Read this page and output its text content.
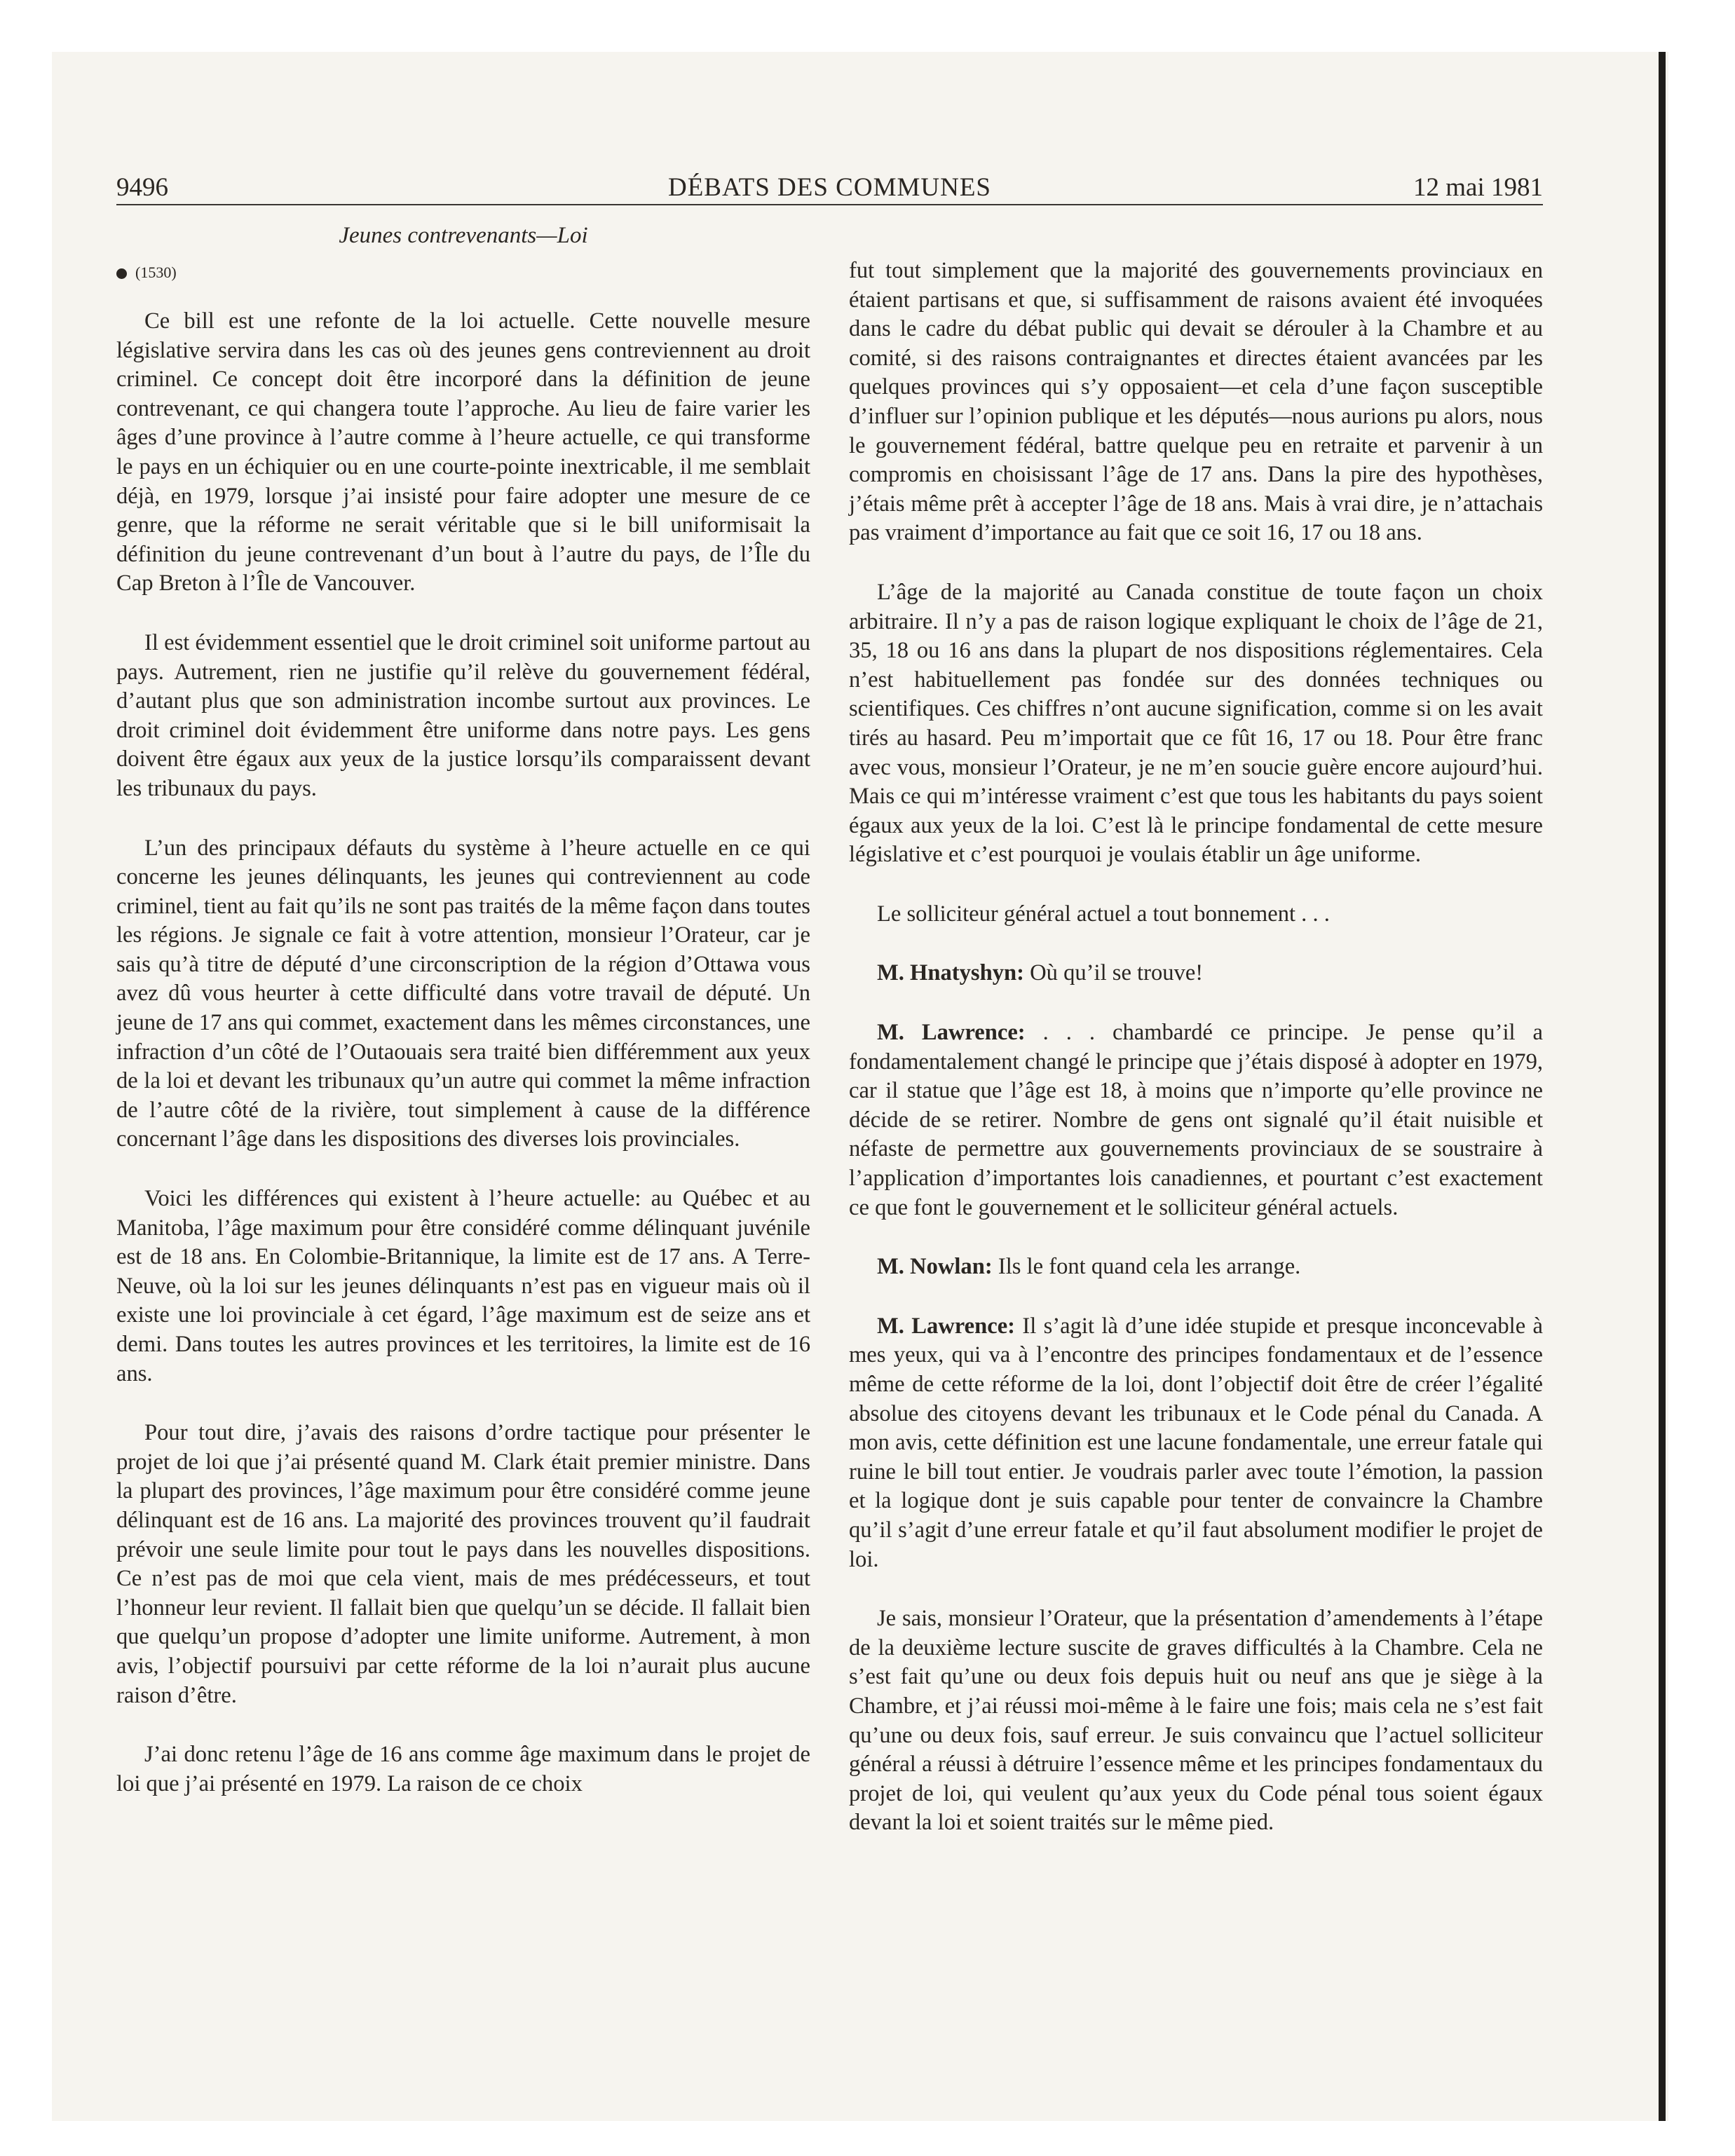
9496	DÉBATS DES COMMUNES	12 mai 1981
Jeunes contrevenants—Loi
(1530)

Ce bill est une refonte de la loi actuelle. Cette nouvelle mesure législative servira dans les cas où des jeunes gens contreviennent au droit criminel. Ce concept doit être incorporé dans la définition de jeune contrevenant, ce qui changera toute l’approche. Au lieu de faire varier les âges d’une province à l’autre comme à l’heure actuelle, ce qui transforme le pays en un échiquier ou en une courte-pointe inextricable, il me semblait déjà, en 1979, lorsque j’ai insisté pour faire adopter une mesure de ce genre, que la réforme ne serait véritable que si le bill uniformisait la définition du jeune contrevenant d’un bout à l’autre du pays, de l’Île du Cap Breton à l’Île de Vancouver.

Il est évidemment essentiel que le droit criminel soit uniforme partout au pays. Autrement, rien ne justifie qu’il relève du gouvernement fédéral, d’autant plus que son administration incombe surtout aux provinces. Le droit criminel doit évidemment être uniforme dans notre pays. Les gens doivent être égaux aux yeux de la justice lorsqu’ils comparaissent devant les tribunaux du pays.

L’un des principaux défauts du système à l’heure actuelle en ce qui concerne les jeunes délinquants, les jeunes qui contreviennent au code criminel, tient au fait qu’ils ne sont pas traités de la même façon dans toutes les régions. Je signale ce fait à votre attention, monsieur l’Orateur, car je sais qu’à titre de député d’une circonscription de la région d’Ottawa vous avez dû vous heurter à cette difficulté dans votre travail de député. Un jeune de 17 ans qui commet, exactement dans les mêmes circonstances, une infraction d’un côté de l’Outaouais sera traité bien différemment aux yeux de la loi et devant les tribunaux qu’un autre qui commet la même infraction de l’autre côté de la rivière, tout simplement à cause de la différence concernant l’âge dans les dispositions des diverses lois provinciales.

Voici les différences qui existent à l’heure actuelle: au Québec et au Manitoba, l’âge maximum pour être considéré comme délinquant juvénile est de 18 ans. En Colombie-Britannique, la limite est de 17 ans. A Terre-Neuve, où la loi sur les jeunes délinquants n’est pas en vigueur mais où il existe une loi provinciale à cet égard, l’âge maximum est de seize ans et demi. Dans toutes les autres provinces et les territoires, la limite est de 16 ans.

Pour tout dire, j’avais des raisons d’ordre tactique pour présenter le projet de loi que j’ai présenté quand M. Clark était premier ministre. Dans la plupart des provinces, l’âge maximum pour être considéré comme jeune délinquant est de 16 ans. La majorité des provinces trouvent qu’il faudrait prévoir une seule limite pour tout le pays dans les nouvelles dispositions. Ce n’est pas de moi que cela vient, mais de mes prédécesseurs, et tout l’honneur leur revient. Il fallait bien que quelqu’un se décide. Il fallait bien que quelqu’un propose d’adopter une limite uniforme. Autrement, à mon avis, l’objectif poursuivi par cette réforme de la loi n’aurait plus aucune raison d’être.

J’ai donc retenu l’âge de 16 ans comme âge maximum dans le projet de loi que j’ai présenté en 1979. La raison de ce choix

fut tout simplement que la majorité des gouvernements provinciaux en étaient partisans et que, si suffisamment de raisons avaient été invoquées dans le cadre du débat public qui devait se dérouler à la Chambre et au comité, si des raisons contraignantes et directes étaient avancées par les quelques provinces qui s’y opposaient—et cela d’une façon susceptible d’influer sur l’opinion publique et les députés—nous aurions pu alors, nous le gouvernement fédéral, battre quelque peu en retraite et parvenir à un compromis en choisissant l’âge de 17 ans. Dans la pire des hypothèses, j’étais même prêt à accepter l’âge de 18 ans. Mais à vrai dire, je n’attachais pas vraiment d’importance au fait que ce soit 16, 17 ou 18 ans.

L’âge de la majorité au Canada constitue de toute façon un choix arbitraire. Il n’y a pas de raison logique expliquant le choix de l’âge de 21, 35, 18 ou 16 ans dans la plupart de nos dispositions réglementaires. Cela n’est habituellement pas fondée sur des données techniques ou scientifiques. Ces chiffres n’ont aucune signification, comme si on les avait tirés au hasard. Peu m’importait que ce fût 16, 17 ou 18. Pour être franc avec vous, monsieur l’Orateur, je ne m’en soucie guère encore aujourd’hui. Mais ce qui m’intéresse vraiment c’est que tous les habitants du pays soient égaux aux yeux de la loi. C’est là le principe fondamental de cette mesure législative et c’est pourquoi je voulais établir un âge uniforme.

Le solliciteur général actuel a tout bonnement . . .

M. Hnatyshyn: Où qu’il se trouve!

M. Lawrence: . . . chambardé ce principe. Je pense qu’il a fondamentalement changé le principe que j’étais disposé à adopter en 1979, car il statue que l’âge est 18, à moins que n’importe qu’elle province ne décide de se retirer. Nombre de gens ont signalé qu’il était nuisible et néfaste de permettre aux gouvernements provinciaux de se soustraire à l’application d’importantes lois canadiennes, et pourtant c’est exactement ce que font le gouvernement et le solliciteur général actuels.

M. Nowlan: Ils le font quand cela les arrange.

M. Lawrence: Il s’agit là d’une idée stupide et presque inconcevable à mes yeux, qui va à l’encontre des principes fondamentaux et de l’essence même de cette réforme de la loi, dont l’objectif doit être de créer l’égalité absolue des citoyens devant les tribunaux et le Code pénal du Canada. A mon avis, cette définition est une lacune fondamentale, une erreur fatale qui ruine le bill tout entier. Je voudrais parler avec toute l’émotion, la passion et la logique dont je suis capable pour tenter de convaincre la Chambre qu’il s’agit d’une erreur fatale et qu’il faut absolument modifier le projet de loi.

Je sais, monsieur l’Orateur, que la présentation d’amendements à l’étape de la deuxième lecture suscite de graves difficultés à la Chambre. Cela ne s’est fait qu’une ou deux fois depuis huit ou neuf ans que je siège à la Chambre, et j’ai réussi moi-même à le faire une fois; mais cela ne s’est fait qu’une ou deux fois, sauf erreur. Je suis convaincu que l’actuel solliciteur général a réussi à détruire l’essence même et les principes fondamentaux du projet de loi, qui veulent qu’aux yeux du Code pénal tous soient égaux devant la loi et soient traités sur le même pied.
